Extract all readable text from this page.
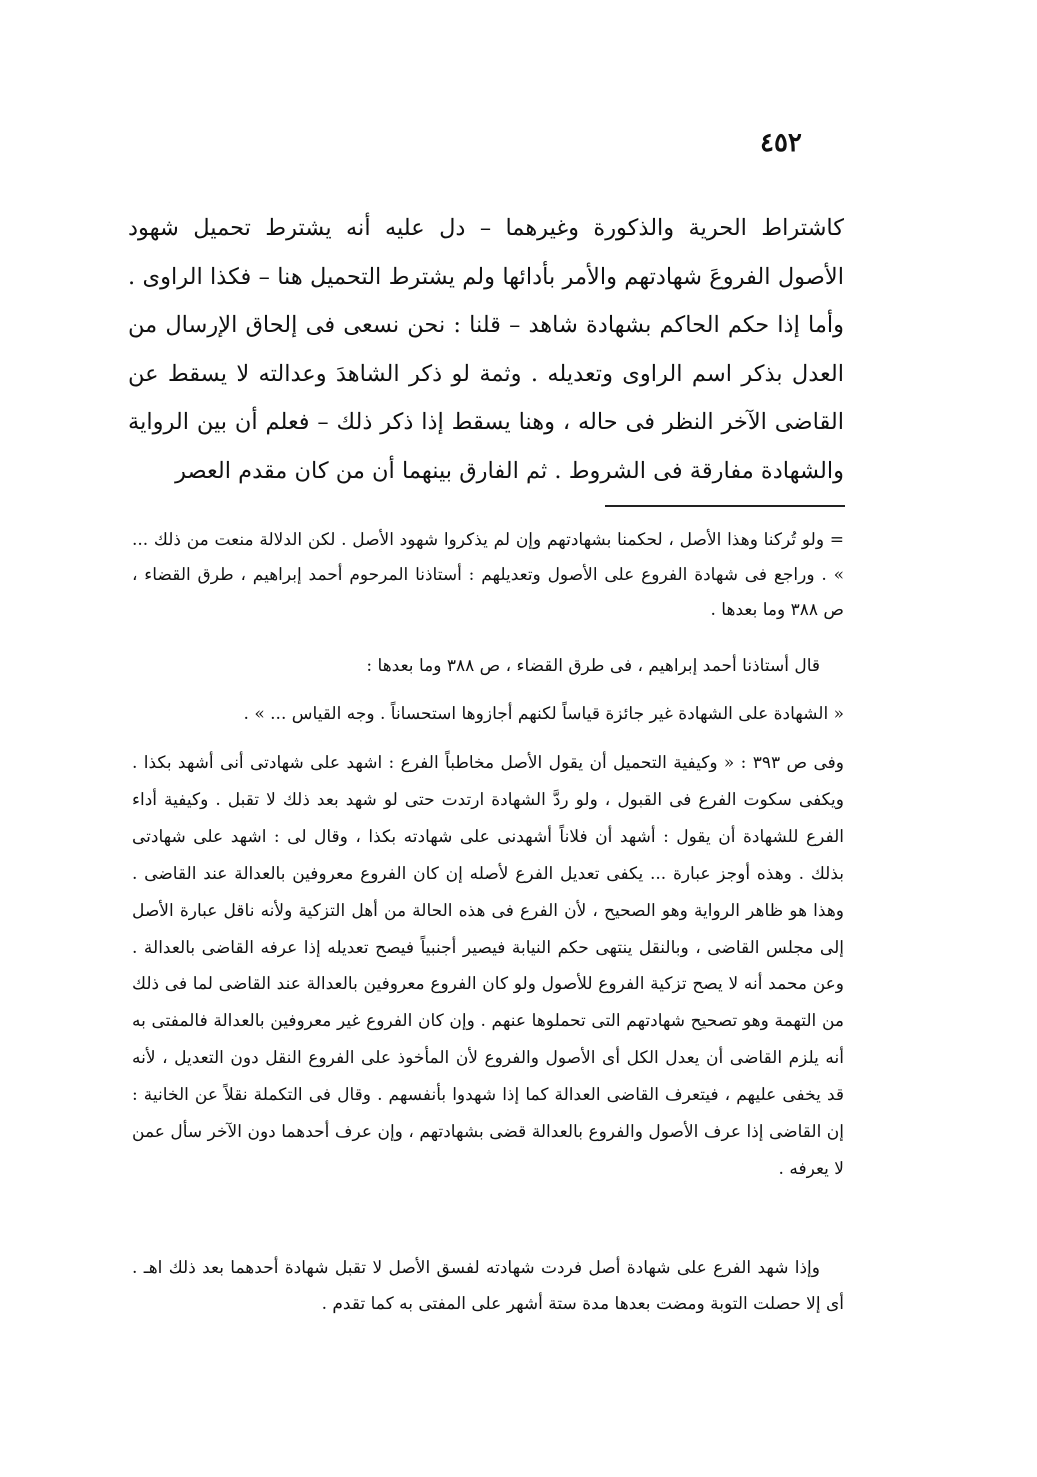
٤٥٢

كاشتراط الحرية والذكورة وغيرهما – دل عليه أنه يشترط تحميل شهود الأصول الفروعَ شهادتهم والأمر بأدائها ولم يشترط التحميل هنا – فكذا الراوى . وأما إذا حكم الحاكم بشهادة شاهد – قلنا : نحن نسعى فى إلحاق الإرسال من العدل بذكر اسم الراوى وتعديله . وثمة لو ذكر الشاهدَ وعدالته لا يسقط عن القاضى الآخر النظر فى حاله ، وهنا يسقط إذا ذكر ذلك – فعلم أن بين الرواية والشهادة مفارقة فى الشروط . ثم الفارق بينهما أن من كان مقدم العصر

= ولو تُركنا وهذا الأصل ، لحكمنا بشهادتهم وإن لم يذكروا شهود الأصل . لكن الدلالة منعت من ذلك ... » . وراجع فى شهادة الفروع على الأصول وتعديلهم : أستاذنا المرحوم أحمد إبراهيم ، طرق القضاء ، ص ٣٨٨ وما بعدها .

قال أستاذنا أحمد إبراهيم ، فى طرق القضاء ، ص ٣٨٨ وما بعدها :

« الشهادة على الشهادة غير جائزة قياساً لكنهم أجازوها استحساناً . وجه القياس ... » .

وفى ص ٣٩٣ : « وكيفية التحميل أن يقول الأصل مخاطباً الفرع : اشهد على شهادتى أنى أشهد بكذا . ويكفى سكوت الفرع فى القبول ، ولو ردَّ الشهادة ارتدت حتى لو شهد بعد ذلك لا تقبل . وكيفية أداء الفرع للشهادة أن يقول : أشهد أن فلاناً أشهدنى على شهادته بكذا ، وقال لى : اشهد على شهادتى بذلك . وهذه أوجز عبارة ... يكفى تعديل الفرع لأصله إن كان الفروع معروفين بالعدالة عند القاضى . وهذا هو ظاهر الرواية وهو الصحيح ، لأن الفرع فى هذه الحالة من أهل التزكية ولأنه ناقل عبارة الأصل إلى مجلس القاضى ، وبالنقل ينتهى حكم النيابة فيصير أجنبياً فيصح تعديله إذا عرفه القاضى بالعدالة . وعن محمد أنه لا يصح تزكية الفروع للأصول ولو كان الفروع معروفين بالعدالة عند القاضى لما فى ذلك من التهمة وهو تصحيح شهادتهم التى تحملوها عنهم . وإن كان الفروع غير معروفين بالعدالة فالمفتى به أنه يلزم القاضى أن يعدل الكل أى الأصول والفروع لأن المأخوذ على الفروع النقل دون التعديل ، لأنه قد يخفى عليهم ، فيتعرف القاضى العدالة كما إذا شهدوا بأنفسهم . وقال فى التكملة نقلاً عن الخانية : إن القاضى إذا عرف الأصول والفروع بالعدالة قضى بشهادتهم ، وإن عرف أحدهما دون الآخر سأل عمن لا يعرفه .

وإذا شهد الفرع على شهادة أصل فردت شهادته لفسق الأصل لا تقبل شهادة أحدهما بعد ذلك اهـ . أى إلا حصلت التوبة ومضت بعدها مدة ستة أشهر على المفتى به كما تقدم .
